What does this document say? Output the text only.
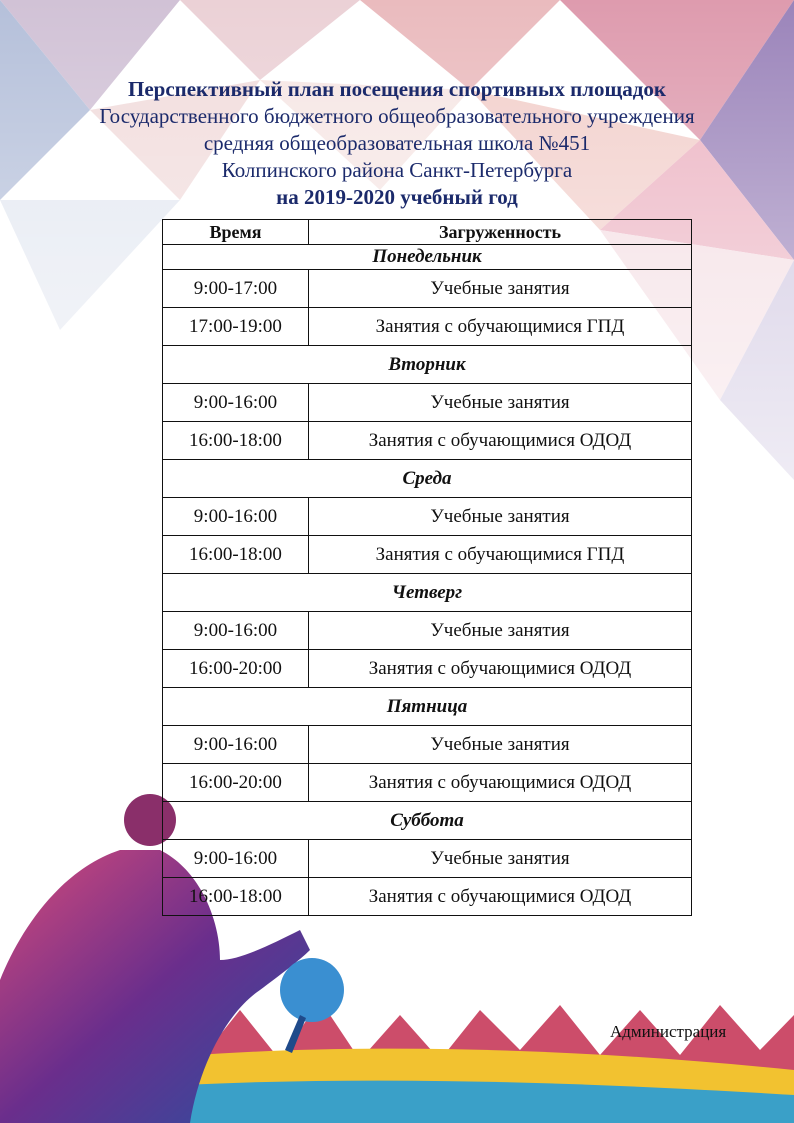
Перспективный план посещения спортивных площадок
Государственного бюджетного общеобразовательного учреждения
средняя общеобразовательная школа №451
Колпинского района Санкт-Петербурга
на 2019-2020 учебный год
Время	Загруженность
Понедельник	
9:00-17:00	Учебные занятия
17:00-19:00	Занятия с обучающимися ГПД
Вторник	
9:00-16:00	Учебные занятия
16:00-18:00	Занятия с обучающимися ОДОД
Среда	
9:00-16:00	Учебные занятия
16:00-18:00	Занятия с обучающимися ГПД
Четверг	
9:00-16:00	Учебные занятия
16:00-20:00	Занятия с обучающимися ОДОД
Пятница	
9:00-16:00	Учебные занятия
16:00-20:00	Занятия с обучающимися ОДОД
Суббота	
9:00-16:00	Учебные занятия
16:00-18:00	Занятия с обучающимися ОДОД
Администрация
